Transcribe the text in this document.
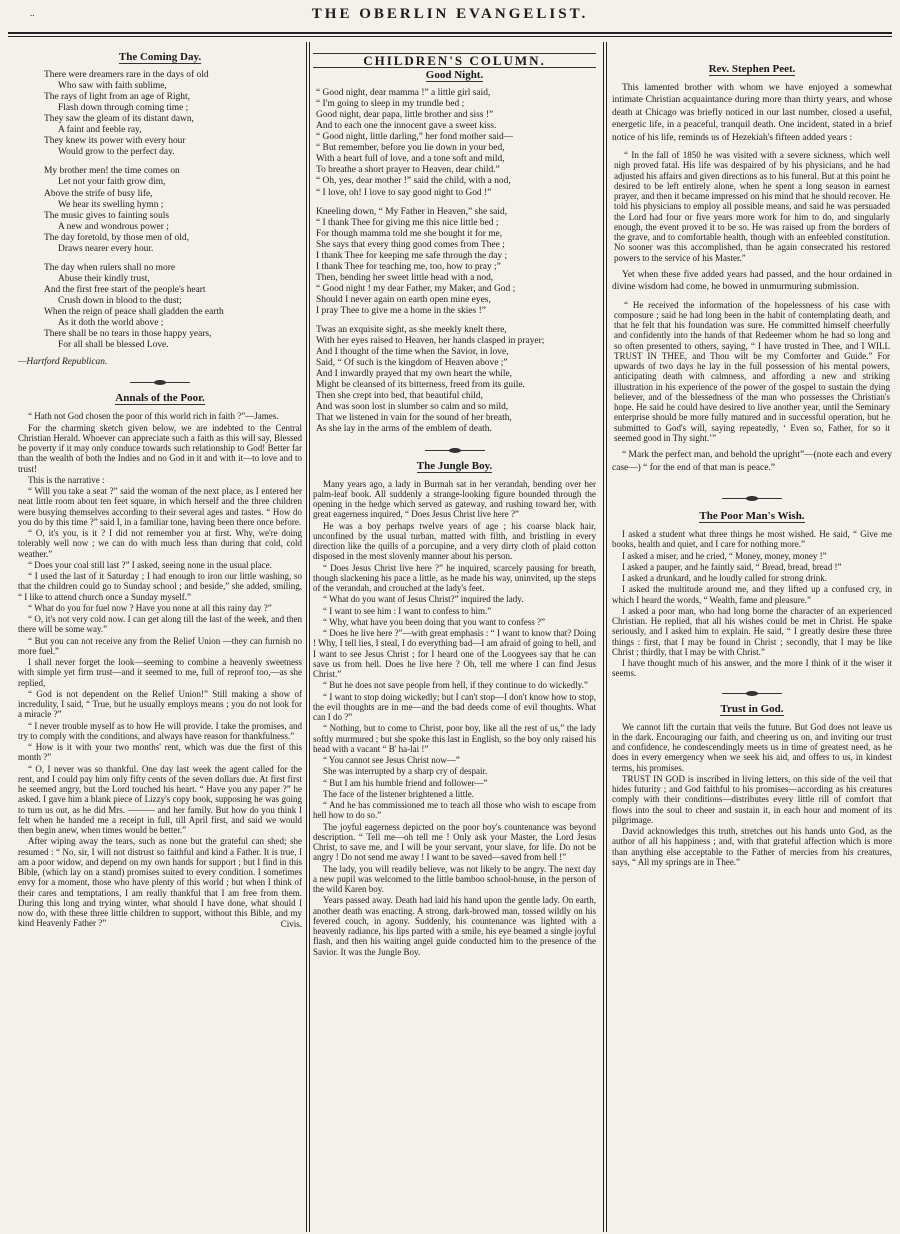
..	THE OBERLIN EVANGELIST.
The Coming Day.
There were dreamers rare in the days of old
Who saw with faith sublime,
The rays of light from an age of Right,
Flash down through coming time ;
They saw the gleam of its distant dawn,
A faint and feeble ray,
They knew its power with every hour
Would grow to the perfect day.
My brother men! the time comes on
Let not your faith grow dim,
Above the strife of busy life,
We hear its swelling hymn ;
The music gives to fainting souls
A new and wondrous power ;
The day foretold, by those men of old,
Draws nearer every hour.
The day when rulers shall no more
Abuse their kindly trust,
And the first free start of the people's heart
Crush down in blood to the dust;
When the reign of peace shall gladden the earth
As it doth the world above ;
There shall be no tears in those happy years,
For all shall be blessed Love.
—Hartford Republican.
Annals of the Poor.

“ Hath not God chosen the poor of this world rich in faith ?”—James.

For the charming sketch given below, we are indebted to the Central Christian Herald. Whoever can appreciate such a faith as this will say, Blessed be poverty if it may only conduce towards such relationship to God! Better far than the wealth of both the Indies and no God in it and with it—to love and to trust!

This is the narrative :

“ Will you take a seat ?” said the woman of the next place, as I entered her neat little room about ten feet square, in which herself and the three children were busying themselves according to their several ages and tastes. “ How do you do by this time ?” said I, in a familiar tone, having been there once before.

“ O, it's you, is it ? I did not remember you at first. Why, we're doing tolerably well now ; we can do with much less than during that cold, cold weather.”

“ Does your coal still last ?” I asked, seeing none in the usual place.

“ I used the last of it Saturday ; I had enough to iron our little washing, so that the children could go to Sunday school ; and beside,” she added, smiling, “ I like to attend church once a Sunday myself.”

“ What do you for fuel now ? Have you none at all this rainy day ?”

“ O, it's not very cold now. I can get along till the last of the week, and then there will be some way.”

“ But you can not receive any from the Relief Union —they can furnish no more fuel.”

I shall never forget the look—seeming to combine a heavenly sweetness with simple yet firm trust—and it seemed to me, full of reproof too,—as she replied,

“ God is not dependent on the Relief Union!” Still making a show of incredulity, I said, “ True, but he usually employs means ; you do not look for a miracle ?”

“ I never trouble myself as to how He will provide. I take the promises, and try to comply with the conditions, and always have reason for thankfulness.”

“ How is it with your two months' rent, which was due the first of this month ?”

“ O, I never was so thankful. One day last week the agent called for the rent, and I could pay him only fifty cents of the seven dollars due. At first first he seemed angry, but the Lord touched his heart. “ Have you any paper ?” he asked. I gave him a blank piece of Lizzy's copy book, supposing he was going to turn us out, as he did Mrs. ——— and her family. But how do you think I felt when he handed me a receipt in full, till April first, and said we would then begin anew, when times would be better.”

After wiping away the tears, such as none but the grateful can shed; she resumed : “ No, sir, I will not distrust so faithful and kind a Father. It is true, I am a poor widow, and depend on my own hands for support ; but I find in this Bible, (which lay on a stand) promises suited to every condition. I sometimes envy for a moment, those who have plenty of this world ; but when I think of their cares and temptations, I am really thankful that I am free from them. During this long and trying winter, what should I have done, what should I now do, with these three little children to support, without this Bible, and my kind Heavenly Father ?”	Civis.
CHILDREN'S COLUMN.
Good Night.
“ Good night, dear mamma !” a little girl said,
“ I'm going to sleep in my trundle bed ;
Good night, dear papa, little brother and siss !”
And to each one the innocent gave a sweet kiss.
“ Good night, little darling,” her fond mother said—
“ But remember, before you lie down in your bed,
With a heart full of love, and a tone soft and mild,
To breathe a short prayer to Heaven, dear child.”
“ Oh, yes, dear mother !” said the child, with a nod,
“ I love, oh! I love to say good night to God !”
Kneeling down, “ My Father in Heaven,” she said,
“ I thank Thee for giving me this nice little bed ;
For though mamma told me she bought it for me,
She says that every thing good comes from Thee ;
I thank Thee for keeping me safe through the day ;
I thank Thee for teaching me, too, how to pray ;”
Then, bending her sweet little head with a nod,
“ Good night ! my dear Father, my Maker, and God ;
Should I never again on earth open mine eyes,
I pray Thee to give me a home in the skies !”
Twas an exquisite sight, as she meekly knelt there,
With her eyes raised to Heaven, her hands clasped in prayer;
And I thought of the time when the Savior, in love,
Said, “ Of such is the kingdom of Heaven above ;”
And I inwardly prayed that my own heart the while,
Might be cleansed of its bitterness, freed from its guile.
Then she crept into bed, that beautiful child,
And was soon lost in slumber so calm and so mild,
That we listened in vain for the sound of her breath,
As she lay in the arms of the emblem of death.
The Jungle Boy.

Many years ago, a lady in Burmah sat in her verandah, bending over her palm-leaf book. All suddenly a strange-looking figure bounded through the opening in the hedge which served as gateway, and rushing toward her, with great eagerness inquired, “ Does Jesus Christ live here ?”

He was a boy perhaps twelve years of age ; his coarse black hair, unconfined by the usual turban, matted with filth, and bristling in every direction like the quills of a porcupine, and a very dirty cloth of plaid cotton disposed in the most slovenly manner about his person.

“ Does Jesus Christ live here ?” he inquired, scarcely pausing for breath, though slackening his pace a little, as he made his way, uninvited, up the steps of the verandah, and crouched at the lady's feet.

“ What do you want of Jesus Christ?” inquired the lady.

“ I want to see him : I want to confess to him.”

“ Why, what have you been doing that you want to confess ?”

“ Does he live here ?”—with great emphasis : “ I want to know that? Doing ! Why, I tell lies, I steal, I do everything bad—I am afraid of going to hell, and I want to see Jesus Christ ; for I heard one of the Loogyees say that he can save us from hell. Does he live here ? Oh, tell me where I can find Jesus Christ.”

“ But he does not save people from hell, if they continue to do wickedly.”

“ I want to stop doing wickedly; but I can't stop—I don't know how to stop, the evil thoughts are in me—and the bad deeds come of evil thoughts. What can I do ?”

“ Nothing, but to come to Christ, poor boy, like all the rest of us,” the lady softly murmured ; but she spoke this last in English, so the boy only raised his head with a vacant “ B' ha-lai !”

“ You cannot see Jesus Christ now—”

She was interrupted by a sharp cry of despair.

“ But I am his humble friend and follower—”

The face of the listener brightened a little.

“ And he has commissioned me to teach all those who wish to escape from hell how to do so.”

The joyful eagerness depicted on the poor boy's countenance was beyond description. “ Tell me—oh tell me ! Only ask your Master, the Lord Jesus Christ, to save me, and I will be your servant, your slave, for life. Do not be angry ! Do not send me away ! I want to be saved—saved from hell !”

The lady, you will readily believe, was not likely to be angry. The next day a new pupil was welcomed to the little bamboo school-house, in the person of the wild Karen boy.

Years passed away. Death had laid his hand upon the gentle lady. On earth, another death was enacting. A strong, dark-browed man, tossed wildly on his fevered couch, in agony. Suddenly, his countenance was lighted with a heavenly radiance, his lips parted with a smile, his eye beamed a single joyful flash, and then his waiting angel guide conducted him to the presence of the Savior. It was the Jungle Boy.

Rev. Stephen Peet.

This lamented brother with whom we have enjoyed a somewhat intimate Christian acquaintance during more than thirty years, and whose death at Chicago was briefly noticed in our last number, closed a useful, energetic life, in a peaceful, tranquil death. One incident, stated in a brief notice of his life, reminds us of Hezekiah's fifteen added years :

“ In the fall of 1850 he was visited with a severe sickness, which well nigh proved fatal. His life was despaired of by his physicians, and he had adjusted his affairs and given directions as to his funeral. But at this point he desired to be left entirely alone, when he spent a long season in earnest prayer, and then it became impressed on his mind that he should recover. He told his physicians to employ all possible means, and said he was persuaded the Lord had four or five years more work for him to do, and singularly enough, the event proved it to be so. He was raised up from the borders of the grave, and to comfortable health, though with an enfeebled constitution. No sooner was this accomplished, than he again consecrated his restored powers to the service of his Master.”

Yet when these five added years had passed, and the hour ordained in divine wisdom had come, he bowed in unmurmuring submission.

“ He received the information of the hopelessness of his case with composure ; said he had long been in the habit of contemplating death, and that he felt that his foundation was sure. He committed himself cheerfully and confidently into the hands of that Redeemer whom he had so long and so often presented to others, saying, “ I have trusted in Thee, and I WILL TRUST IN THEE, and Thou wilt be my Comforter and Guide.” For upwards of two days he lay in the full possession of his mental powers, anticipating death with calmness, and affording a new and striking illustration in his experience of the power of the gospel to sustain the dying believer, and of the blessedness of the man who possesses the Christian's hope. He said he could have desired to live another year, until the Seminary enterprise should be more fully matured and in successful operation, but he submitted to God's will, saying repeatedly, ‘ Even so, Father, for so it seemed good in Thy sight.’”

“ Mark the perfect man, and behold the upright”—(note each and every case—) “ for the end of that man is peace.”

The Poor Man's Wish.

I asked a student what three things he most wished. He said, “ Give me books, health and quiet, and I care for nothing more.”

I asked a miser, and he cried, “ Money, money, money !”

I asked a pauper, and he faintly said, “ Bread, bread, bread !”

I asked a drunkard, and he loudly called for strong drink.

I asked the multitude around me, and they lifted up a confused cry, in which I heard the words, “ Wealth, fame and pleasure.”

I asked a poor man, who had long borne the character of an experienced Christian. He replied, that all his wishes could be met in Christ. He spake seriously, and I asked him to explain. He said, “ I greatly desire these three things : first, that I may be found in Christ ; secondly, that I may be like Christ ; thirdly, that I may be with Christ.”

I have thought much of his answer, and the more I think of it the wiser it seems.

Trust in God.

We cannot lift the curtain that veils the future. But God does not leave us in the dark. Encouraging our faith, and cheering us on, and inviting our trust and confidence, he condescendingly meets us in time of greatest need, as he does in every emergency when we seek his aid, and offers to us, in kindest terms, his promises.

TRUST IN GOD is inscribed in living letters, on this side of the veil that hides futurity ; and God faithful to his promises—according as his creatures comply with their conditions—distributes every little rill of comfort that flows into the soul to cheer and sustain it, in each hour and moment of its pilgrimage.

David acknowledges this truth, stretches out his hands unto God, as the author of all his happiness ; and, with that grateful affection which is more than anything else acceptable to the Father of mercies from his creatures, says, “ All my springs are in Thee.”
